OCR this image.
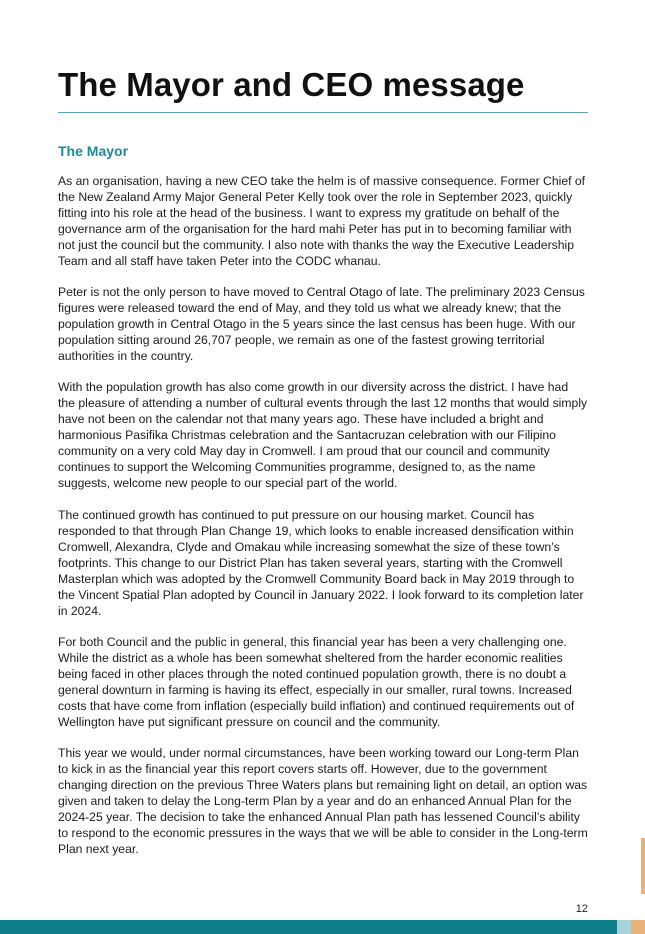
The Mayor and CEO message
The Mayor

As an organisation, having a new CEO take the helm is of massive consequence. Former Chief of the New Zealand Army Major General Peter Kelly took over the role in September 2023, quickly fitting into his role at the head of the business. I want to express my gratitude on behalf of the governance arm of the organisation for the hard mahi Peter has put in to becoming familiar with not just the council but the community. I also note with thanks the way the Executive Leadership Team and all staff have taken Peter into the CODC whanau.

Peter is not the only person to have moved to Central Otago of late. The preliminary 2023 Census figures were released toward the end of May, and they told us what we already knew; that the population growth in Central Otago in the 5 years since the last census has been huge. With our population sitting around 26,707 people, we remain as one of the fastest growing territorial authorities in the country.

With the population growth has also come growth in our diversity across the district. I have had the pleasure of attending a number of cultural events through the last 12 months that would simply have not been on the calendar not that many years ago. These have included a bright and harmonious Pasifika Christmas celebration and the Santacruzan celebration with our Filipino community on a very cold May day in Cromwell. I am proud that our council and community continues to support the Welcoming Communities programme, designed to, as the name suggests, welcome new people to our special part of the world.

The continued growth has continued to put pressure on our housing market. Council has responded to that through Plan Change 19, which looks to enable increased densification within Cromwell, Alexandra, Clyde and Omakau while increasing somewhat the size of these town’s footprints. This change to our District Plan has taken several years, starting with the Cromwell Masterplan which was adopted by the Cromwell Community Board back in May 2019 through to the Vincent Spatial Plan adopted by Council in January 2022. I look forward to its completion later in 2024.

For both Council and the public in general, this financial year has been a very challenging one. While the district as a whole has been somewhat sheltered from the harder economic realities being faced in other places through the noted continued population growth, there is no doubt a general downturn in farming is having its effect, especially in our smaller, rural towns. Increased costs that have come from inflation (especially build inflation) and continued requirements out of Wellington have put significant pressure on council and the community.

This year we would, under normal circumstances, have been working toward our Long-term Plan to kick in as the financial year this report covers starts off. However, due to the government changing direction on the previous Three Waters plans but remaining light on detail, an option was given and taken to delay the Long-term Plan by a year and do an enhanced Annual Plan for the 2024-25 year. The decision to take the enhanced Annual Plan path has lessened Council’s ability to respond to the economic pressures in the ways that we will be able to consider in the Long-term Plan next year.

12
